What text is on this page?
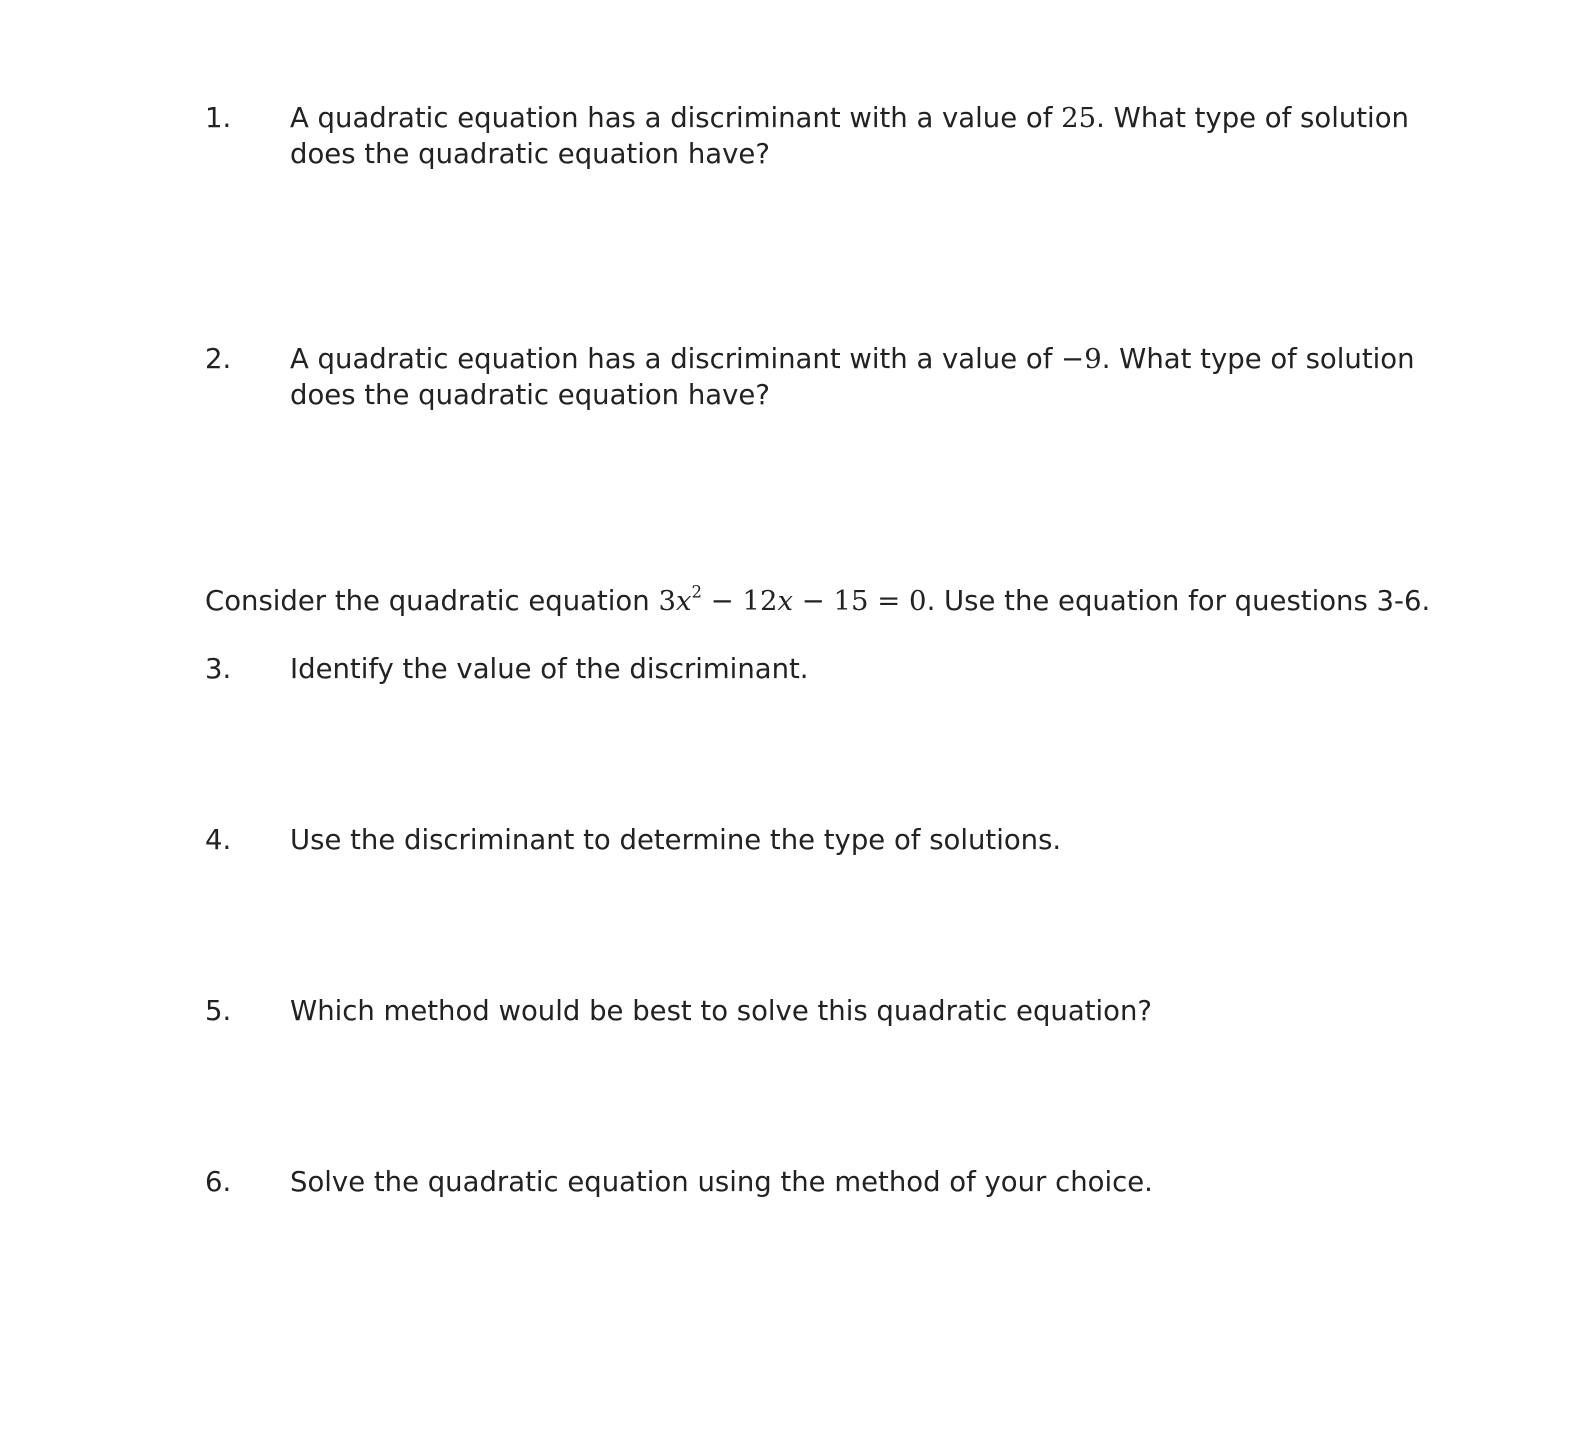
1. A quadratic equation has a discriminant with a value of 25. What type of solution does the quadratic equation have?
2. A quadratic equation has a discriminant with a value of −9. What type of solution does the quadratic equation have?
Consider the quadratic equation $3x^2 - 12x - 15 = 0$. Use the equation for questions 3-6.
3. Identify the value of the discriminant.
4. Use the discriminant to determine the type of solutions.
5. Which method would be best to solve this quadratic equation?
6. Solve the quadratic equation using the method of your choice.
